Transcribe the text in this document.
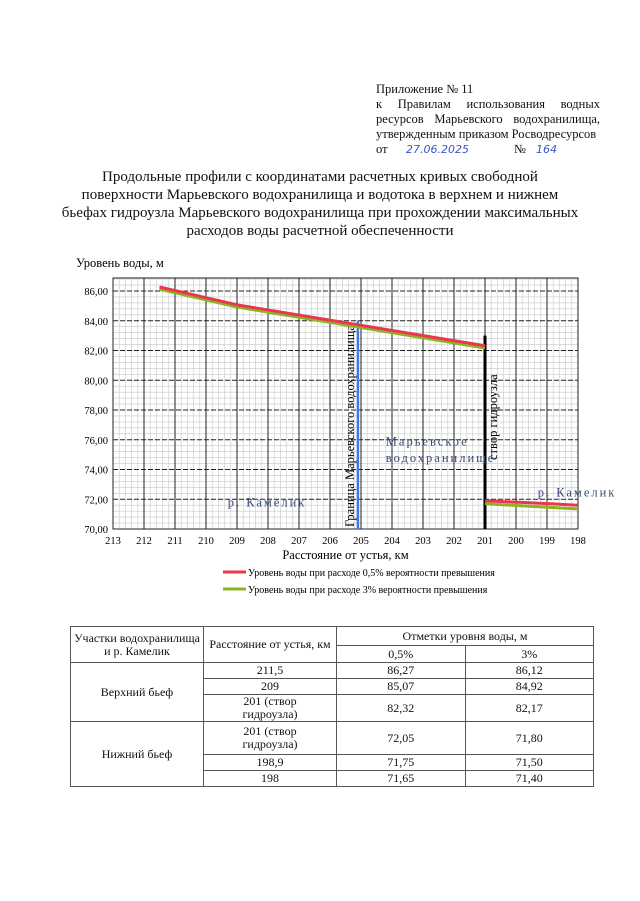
Приложение № 11
к Правилам использования водных
ресурсов Марьевского водохранилища,
утвержденным приказом Росводресурсов
от 27.06.2025	№ 164
Продольные профили с координатами расчетных кривых свободной поверхности Марьевского водохранилища и водотока в верхнем и нижнем бьефах гидроузла Марьевского водохранилища при прохождении максимальных расходов воды расчетной обеспеченности
213 212 211 210 209 208 207 206 205 204 203 202 201 200 199 198
70,00
72,00
74,00
76,00
78,00
80,00
82,00
84,00
86,00
Уровень воды, м
Расстояние от устья, км
Граница Марьевского водохранилища	створ гидроузла
р. Камелик
Марьевское
водохранилище
р. Камелик
Уровень воды при расходе 0,5% вероятности превышения
Уровень воды при расходе 3% вероятности превышения
Участки водохранилища и р. Камелик	Расстояние от устья, км	Отметки уровня воды, м	
		0,5%	3%
Верхний бьеф	211,5	86,27	86,12
	209	85,07	84,92
	201 (створ гидроузла)	82,32	82,17
Нижний бьеф	201 (створ гидроузла)	72,05	71,80
	198,9	71,75	71,50
	198	71,65	71,40
